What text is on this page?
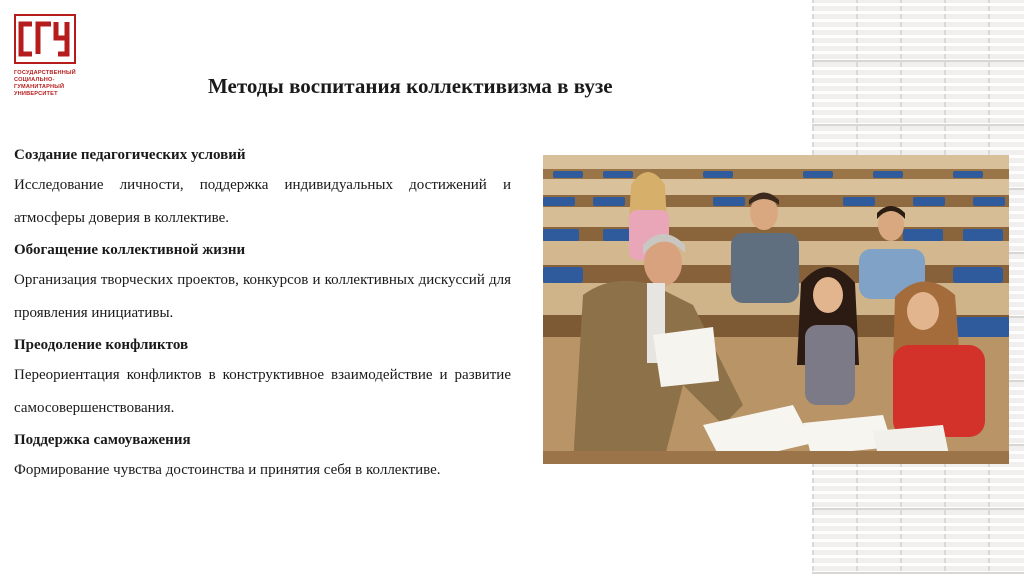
ГОСУДАРСТВЕННЫЙ
СОЦИАЛЬНО-
ГУМАНИТАРНЫЙ
УНИВЕРСИТЕТ	Методы воспитания коллективизма в вузе
Создание педагогических условий

Исследование личности, поддержка индивидуальных достижений и атмосферы доверия в коллективе.

Обогащение коллективной жизни

Организация творческих проектов, конкурсов и коллективных дискуссий для проявления инициативы.

Преодоление конфликтов

Переориентация конфликтов в конструктивное взаимодействие и развитие самосовершенствования.

Поддержка самоуважения

Формирование чувства достоинства и принятия себя в коллективе.
